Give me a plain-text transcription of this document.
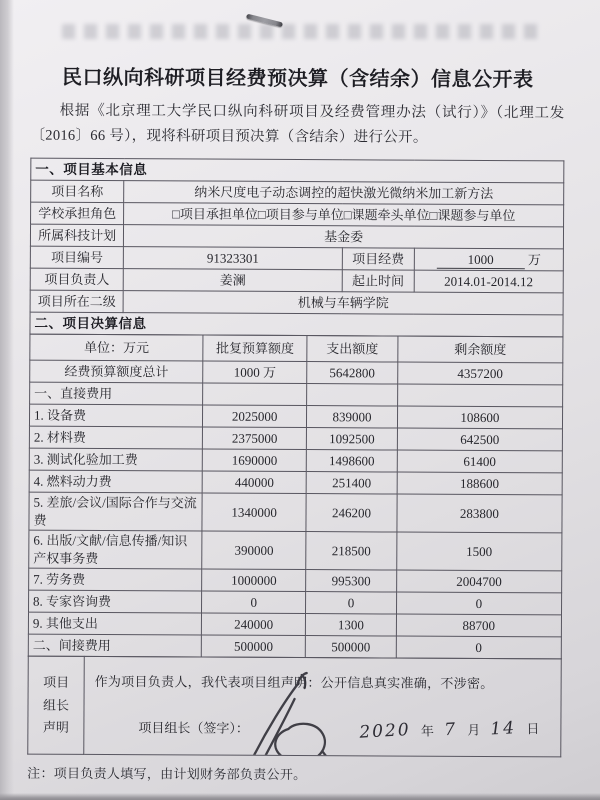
民口纵向科研项目经费预决算（含结余）信息公开表

根据《北京理工大学民口纵向科研项目及经费管理办法（试行）》（北理工发〔2016〕66 号），现将科研项目预决算（含结余）进行公开。

一、项目基本信息			
项目名称	纳米尺度电子动态调控的超快激光微纳米加工新方法		
学校承担角色	□项目承担单位□项目参与单位□课题牵头单位□课题参与单位		
所属科技计划	基金委		
项目编号	91323301	项目经费	1000 万
项目负责人	姜澜	起止时间	2014.01-2014.12
项目所在二级	机械与车辆学院		
二、项目决算信息			
单位：万元	批复预算额度	支出额度	剩余额度
经费预算额度总计	1000 万	5642800	4357200
一、直接费用			
1. 设备费	2025000	839000	108600
2. 材料费	2375000	1092500	642500
3. 测试化验加工费	1690000	1498600	61400
4. 燃料动力费	440000	251400	188600
5. 差旅/会议/国际合作与交流费	1340000	246200	283800
6. 出版/文献/信息传播/知识产权事务费	390000	218500	1500
7. 劳务费	1000000	995300	2004700
8. 专家咨询费	0	0	0
9. 其他支出	240000	1300	88700
二、间接费用	500000	500000	0
项目
组长
声明

作为项目负责人，我代表项目组声明：公开信息真实准确，不涉密。

项目组长（签字）：	2020 年 7 月 14 日

注：项目负责人填写，由计划财务部负责公开。
